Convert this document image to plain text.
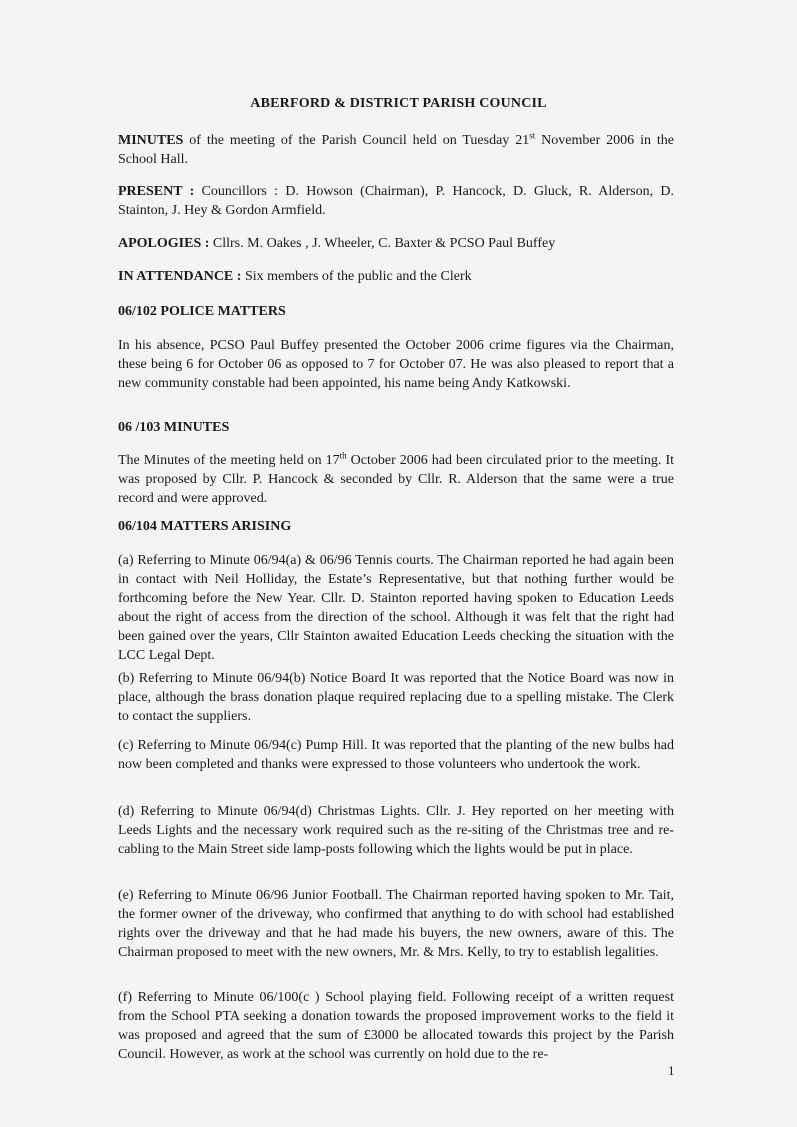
ABERFORD & DISTRICT PARISH COUNCIL
MINUTES of the meeting of the Parish Council held on Tuesday 21st November 2006 in the School Hall.
PRESENT : Councillors : D. Howson (Chairman), P. Hancock, D. Gluck, R. Alderson, D. Stainton, J. Hey & Gordon Armfield.
APOLOGIES : Cllrs. M. Oakes , J. Wheeler, C. Baxter & PCSO Paul Buffey
IN ATTENDANCE : Six members of the public and the Clerk
06/102 POLICE MATTERS
In his absence, PCSO Paul Buffey presented the October 2006 crime figures via the Chairman, these being 6 for October 06 as opposed to 7 for October 07. He was also pleased to report that a new community constable had been appointed, his name being Andy Katkowski.
06 /103 MINUTES
The Minutes of the meeting held on 17th October 2006 had been circulated prior to the meeting. It was proposed by Cllr. P. Hancock & seconded by Cllr. R. Alderson that the same were a true record and were approved.
06/104 MATTERS ARISING
(a) Referring to Minute 06/94(a) & 06/96 Tennis courts. The Chairman reported he had again been in contact with Neil Holliday, the Estate’s Representative, but that nothing further would be forthcoming before the New Year. Cllr. D. Stainton reported having spoken to Education Leeds about the right of access from the direction of the school. Although it was felt that the right had been gained over the years, Cllr Stainton awaited Education Leeds checking the situation with the LCC Legal Dept.
(b) Referring to Minute 06/94(b) Notice Board It was reported that the Notice Board was now in place, although the brass donation plaque required replacing due to a spelling mistake. The Clerk to contact the suppliers.
(c) Referring to Minute 06/94(c) Pump Hill. It was reported that the planting of the new bulbs had now been completed and thanks were expressed to those volunteers who undertook the work.
(d) Referring to Minute 06/94(d) Christmas Lights. Cllr. J. Hey reported on her meeting with Leeds Lights and the necessary work required such as the re-siting of the Christmas tree and re-cabling to the Main Street side lamp-posts following which the lights would be put in place.
(e) Referring to Minute 06/96 Junior Football. The Chairman reported having spoken to Mr. Tait, the former owner of the driveway, who confirmed that anything to do with school had established rights over the driveway and that he had made his buyers, the new owners, aware of this. The Chairman proposed to meet with the new owners, Mr. & Mrs. Kelly, to try to establish legalities.
(f) Referring to Minute 06/100(c ) School playing field. Following receipt of a written request from the School PTA seeking a donation towards the proposed improvement works to the field it was proposed and agreed that the sum of £3000 be allocated towards this project by the Parish Council. However, as work at the school was currently on hold due to the re-
1
